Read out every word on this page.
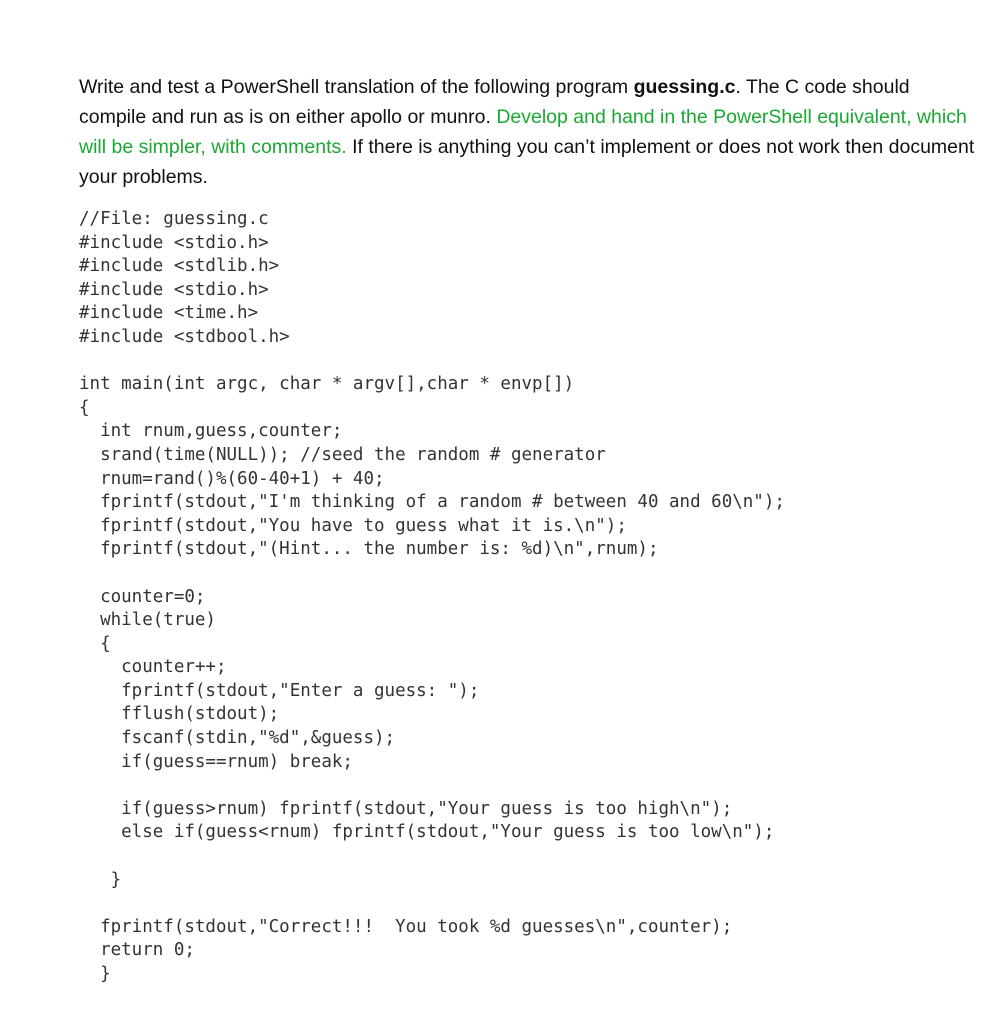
Write and test a PowerShell translation of the following program guessing.c. The C code should compile and run as is on either apollo or munro. Develop and hand in the PowerShell equivalent, which will be simpler, with comments. If there is anything you can’t implement or does not work then document your problems.

//File: guessing.c
#include <stdio.h>
#include <stdlib.h>
#include <stdio.h>
#include <time.h>
#include <stdbool.h>
int main(int argc, char * argv[],char * envp[])
{
int rnum,guess,counter;
srand(time(NULL)); //seed the random # generator
rnum=rand()%(60-40+1) + 40;
fprintf(stdout,"I'm thinking of a random # between 40 and 60\n");
fprintf(stdout,"You have to guess what it is.\n");
fprintf(stdout,"(Hint... the number is: %d)\n",rnum);
counter=0;
while(true)
{
counter++;
fprintf(stdout,"Enter a guess: ");
fflush(stdout);
fscanf(stdin,"%d",&guess);
if(guess==rnum) break;
if(guess>rnum) fprintf(stdout,"Your guess is too high\n");
else if(guess<rnum) fprintf(stdout,"Your guess is too low\n");
}
fprintf(stdout,"Correct!!!  You took %d guesses\n",counter);
return 0;
}
